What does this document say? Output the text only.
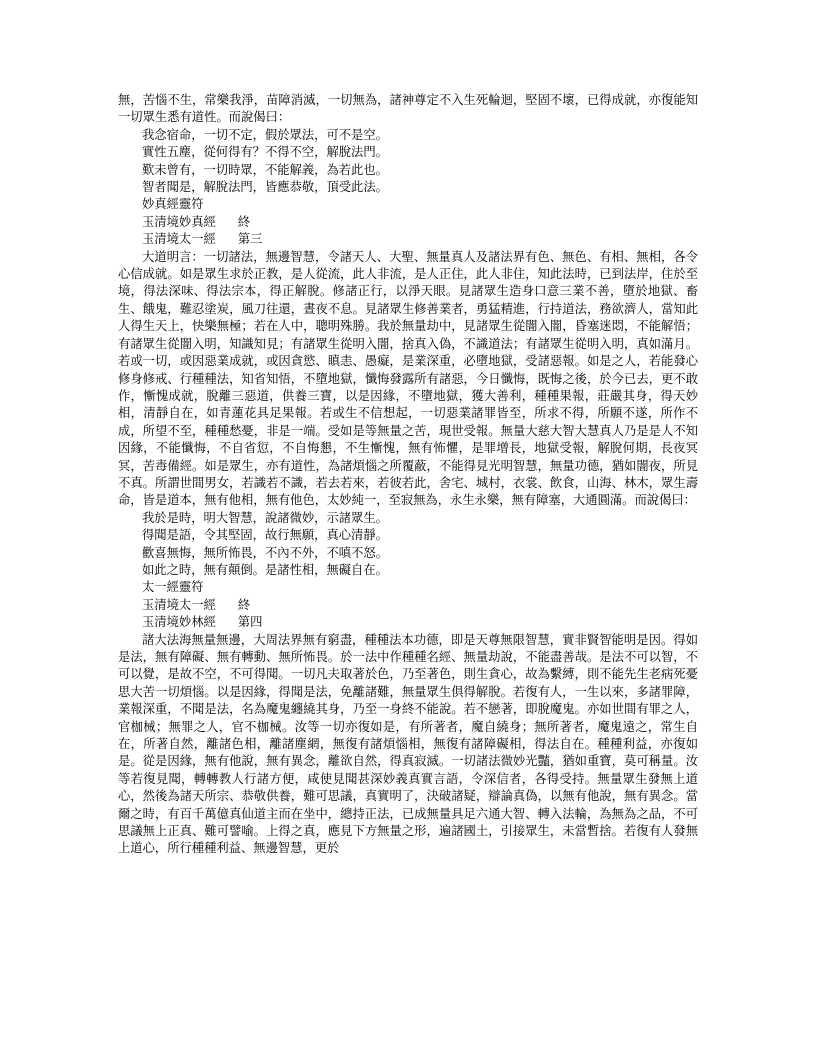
無，苦惱不生，常樂我淨，苗障消滅，一切無為，諸神尊定不入生死輪迴，堅固不壞，已得成就，亦復能知一切眾生悉有道性。而說偈曰：

我念宿命，一切不定，假於眾法，可不是空。

實性五塵，從何得有？不得不空，解脫法門。

歎未曾有，一切時眾，不能解義，為若此也。

智者聞是，解脫法門，皆應恭敬，頂受此法。

妙真經靈符

玉清境妙真經 終

玉清境太一經 第三

大道明言：一切諸法，無邊智慧，令諸天人、大聖、無量真人及諸法界有色、無色、有相、無相，各令心信成就。如是眾生求於正教，是人從流，此人非流，是人正住，此人非住，知此法時，已到法岸，住於至境，得法深味、得法宗本，得正解脫。修諸正行，以淨天眼。見諸眾生造身口意三業不善，墮於地獄、畜生、餓鬼，難忍塗炭，風刀往還，晝夜不息。見諸眾生修善業者，勇猛精進，行持道法，務欲濟人，當知此人得生天上，快樂無極；若在人中，聰明殊勝。我於無量劫中，見諸眾生從闇入闇，昏塞迷悶，不能解悟；有諸眾生從闇入明，知識知見；有諸眾生從明入闇，捨真入偽，不識道法；有諸眾生從明入明，真如滿月。若或一切，或因惡業成就，或因貪慾、瞋恚、愚癡，是業深重，必墮地獄，受諸惡報。如是之人，若能發心修身修戒、行種種法，知省知悟，不墮地獄，懺悔發露所有諸惡，今日懺悔，既悔之後，於今已去，更不敢作，慚愧成就，脫離三惡道，供養三寶，以是因緣，不墮地獄，獲大善利，種種果報，莊嚴其身，得天妙相，清靜自在，如青蓮花具足果報。若或生不信想起，一切惡業諸罪皆至，所求不得，所願不遂，所作不成，所望不至，種種愁憂，非是一端。受如是等無量之苦，現世受報。無量大慈大智大慧真人乃是是人不知因緣，不能懺悔，不自省愆，不自悔懇，不生慚愧，無有怖懼，是罪增長，地獄受報，解脫何期，長夜冥冥，苦毒備經。如是眾生，亦有道性，為諸煩惱之所覆蔽，不能得見光明智慧，無量功德，猶如闇夜，所見不真。所謂世間男女，若識若不識，若去若來，若彼若此，舍宅、城村，衣裳、飲食，山海、林木，眾生壽命，皆是道本，無有他相，無有他色，太妙純一，至寂無為，永生永樂，無有障塞，大通圓滿。而說偈曰：

我於是時，明大智慧，說諸微妙，示諸眾生。

得聞是語，令其堅固，故行無願，真心清靜。

歡喜無悔，無所怖畏，不內不外，不嗔不怒。

如此之時，無有顛倒。是諸性相，無礙自在。

太一經靈符

玉清境太一經 終

玉清境妙林經 第四

諸大法海無量無邊，大周法界無有窮盡，種種法本功德，即是天尊無限智慧，實非賢智能明是因。得如是法，無有障礙、無有轉動、無所怖畏。於一法中作種種名經、無量劫說，不能盡善哉。是法不可以智，不可以覺，是故不空，不可得聞。一切凡夫取著於色，乃至著色，則生貪心，故為繫縛，則不能先生老病死憂思大苦一切煩惱。以是因緣，得聞是法，免離諸難，無量眾生俱得解脫。若復有人，一生以來，多諸罪障，業報深重，不聞是法，名為魔鬼纏繞其身，乃至一身終不能說。若不戀著，即脫魔鬼。亦如世間有罪之人，官枷械；無罪之人，官不枷械。汝等一切亦復如是，有所著者，魔自繞身；無所著者，魔鬼遠之，常生自在，所著自然，離諸色相，離諸塵網，無復有諸煩惱相，無復有諸障礙相，得法自在。種種利益，亦復如是。從是因緣，無有他說，無有異念，離欲自然，得真寂滅。一切諸法微妙光豔，猶如重寶，莫可稱量。汝等若復見聞，轉轉教人行諸方便，咸使見聞甚深妙義真實言語，令深信者，各得受持。無量眾生發無上道心，然後為諸天所宗、恭敬供養，難可思議，真實明了，決破諸疑，辯論真偽，以無有他說，無有異念。當爾之時，有百千萬億真仙道主而在坐中，總持正法，已成無量具足六通大智、轉入法輪，為無為之品，不可思議無上正真、難可譬喻。上得之真，應見下方無量之形，遍諸國土，引接眾生，未當暫捨。若復有人發無上道心，所行種種利益、無邊智慧，更於
